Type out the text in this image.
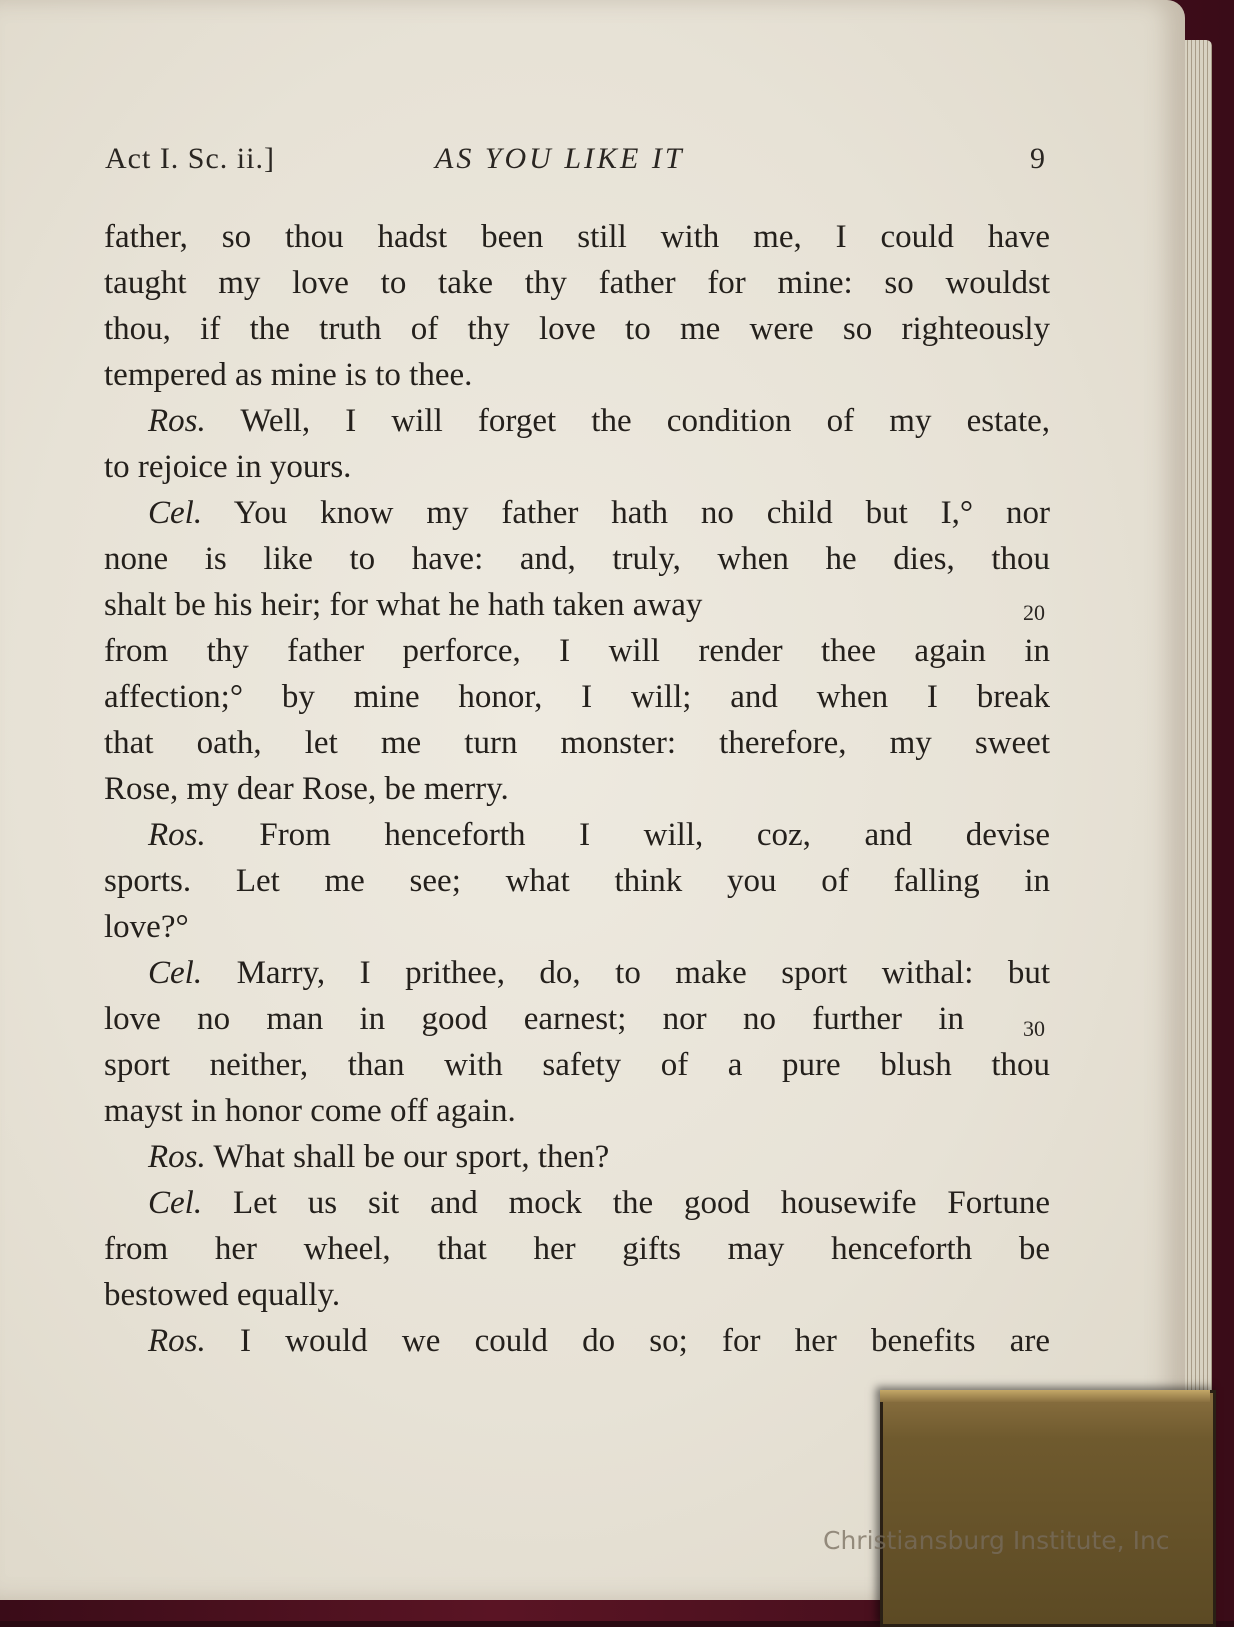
Act I. Sc. ii.]	AS YOU LIKE IT	9
father, so thou hadst been still with me, I could have
taught my love to take thy father for mine: so wouldst
thou, if the truth of thy love to me were so righteously
tempered as mine is to thee.
Ros. Well, I will forget the condition of my estate,
to rejoice in yours.
Cel. You know my father hath no child but I,° nor
none is like to have: and, truly, when he dies, thou
shalt be his heir; for what he hath taken away
from thy father perforce, I will render thee again in
affection;° by mine honor, I will; and when I break
that oath, let me turn monster: therefore, my sweet
Rose, my dear Rose, be merry.
Ros. From henceforth I will, coz, and devise
sports. Let me see; what think you of falling in
love?°
Cel. Marry, I prithee, do, to make sport withal: but
love no man in good earnest; nor no further in
sport neither, than with safety of a pure blush thou
mayst in honor come off again.
Ros. What shall be our sport, then?
Cel. Let us sit and mock the good housewife Fortune
from her wheel, that her gifts may henceforth be
bestowed equally.
Ros. I would we could do so; for her benefits are
20
30
Christiansburg Institute, Inc
